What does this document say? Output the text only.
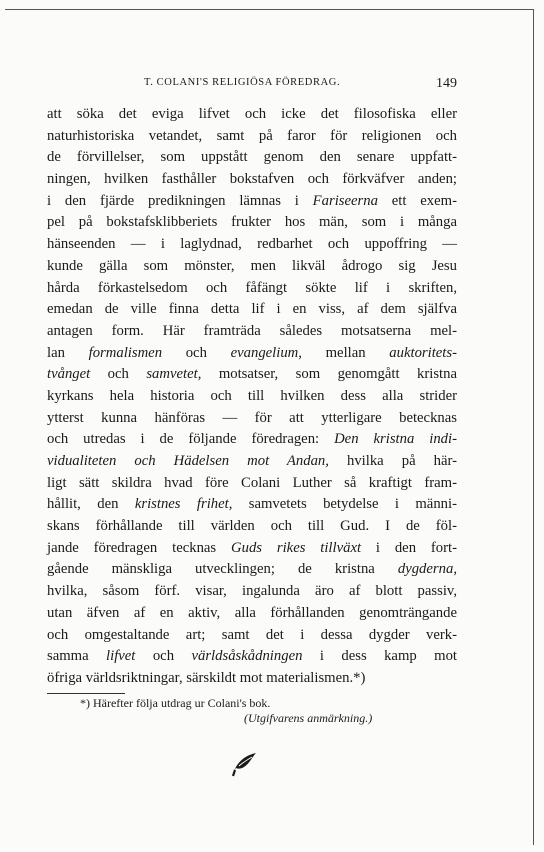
T. COLANI'S RELIGIÖSA FÖREDRAG.	149
att söka det eviga lifvet och icke det filosofiska eller
naturhistoriska vetandet, samt på faror för religionen och
de förvillelser, som uppstått genom den senare uppfatt-
ningen, hvilken fasthåller bokstafven och förkväfver anden;
i den fjärde predikningen lämnas i Fariseerna ett exem-
pel på bokstafsklibberiets frukter hos män, som i många
hänseenden — i laglydnad, redbarhet och uppoffring —
kunde gälla som mönster, men likväl ådrogo sig Jesu
hårda förkastelsedom och fåfängt sökte lif i skriften,
emedan de ville finna detta lif i en viss, af dem själfva
antagen form. Här framträda således motsatserna mel-
lan formalismen och evangelium, mellan auktoritets-
tvånget och samvetet, motsatser, som genomgått kristna
kyrkans hela historia och till hvilken dess alla strider
ytterst kunna hänföras — för att ytterligare betecknas
och utredas i de följande föredragen: Den kristna indi-
vidualiteten och Hädelsen mot Andan, hvilka på här-
ligt sätt skildra hvad före Colani Luther så kraftigt fram-
hållit, den kristnes frihet, samvetets betydelse i männi-
skans förhållande till världen och till Gud. I de föl-
jande föredragen tecknas Guds rikes tillväxt i den fort-
gående mänskliga utvecklingen; de kristna dygderna,
hvilka, såsom förf. visar, ingalunda äro af blott passiv,
utan äfven af en aktiv, alla förhållanden genomträngande
och omgestaltande art; samt det i dessa dygder verk-
samma lifvet och världsåskådningen i dess kamp mot
öfriga världsriktningar, särskildt mot materialismen.*)
*) Härefter följa utdrag ur Colani's bok.
(Utgifvarens anmärkning.)
